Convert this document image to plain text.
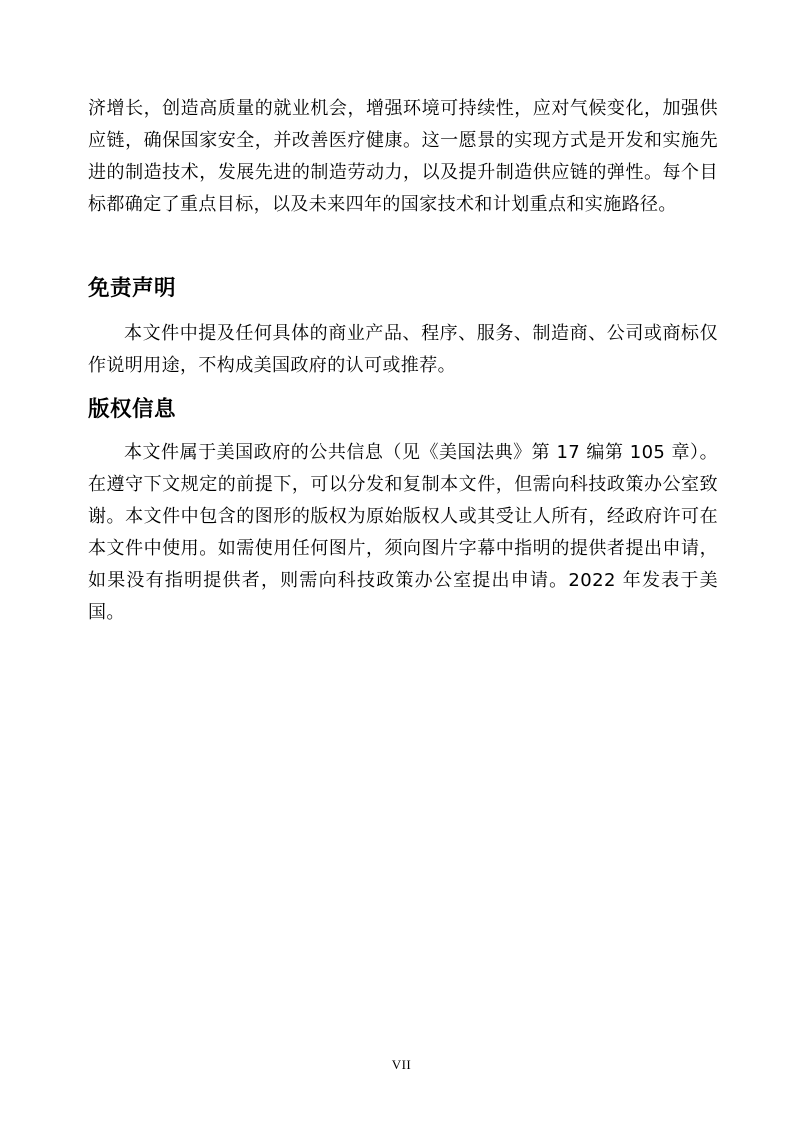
济增长，创造高质量的就业机会，增强环境可持续性，应对气候变化，加强供应链，确保国家安全，并改善医疗健康。这一愿景的实现方式是开发和实施先进的制造技术，发展先进的制造劳动力，以及提升制造供应链的弹性。每个目标都确定了重点目标，以及未来四年的国家技术和计划重点和实施路径。

免责声明

本文件中提及任何具体的商业产品、程序、服务、制造商、公司或商标仅作说明用途，不构成美国政府的认可或推荐。

版权信息

本文件属于美国政府的公共信息（见《美国法典》第 17 编第 105 章）。在遵守下文规定的前提下，可以分发和复制本文件，但需向科技政策办公室致谢。本文件中包含的图形的版权为原始版权人或其受让人所有，经政府许可在本文件中使用。如需使用任何图片，须向图片字幕中指明的提供者提出申请，如果没有指明提供者，则需向科技政策办公室提出申请。2022 年发表于美国。

VII
